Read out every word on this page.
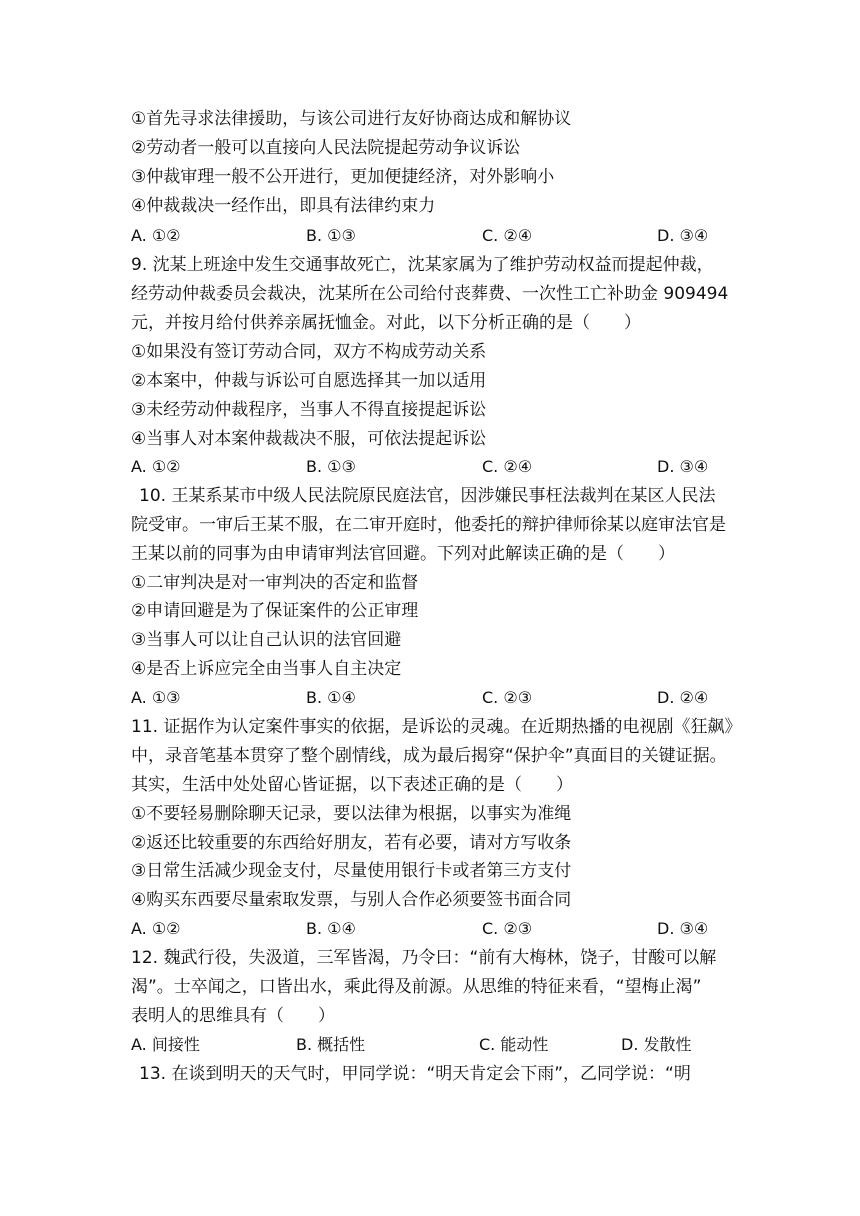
①首先寻求法律援助，与该公司进行友好协商达成和解协议
②劳动者一般可以直接向人民法院提起劳动争议诉讼
③仲裁审理一般不公开进行，更加便捷经济，对外影响小
④仲裁裁决一经作出，即具有法律约束力
A. ①②	B. ①③	C. ②④	D. ③④
9. 沈某上班途中发生交通事故死亡，沈某家属为了维护劳动权益而提起仲裁，
经劳动仲裁委员会裁决，沈某所在公司给付丧葬费、一次性工亡补助金 909494
元，并按月给付供养亲属抚恤金。对此，以下分析正确的是（　　）
①如果没有签订劳动合同，双方不构成劳动关系
②本案中，仲裁与诉讼可自愿选择其一加以适用
③未经劳动仲裁程序，当事人不得直接提起诉讼
④当事人对本案仲裁裁决不服，可依法提起诉讼
A. ①②	B. ①③	C. ②④	D. ③④
10. 王某系某市中级人民法院原民庭法官，因涉嫌民事枉法裁判在某区人民法
院受审。一审后王某不服，在二审开庭时，他委托的辩护律师徐某以庭审法官是
王某以前的同事为由申请审判法官回避。下列对此解读正确的是（　　）
①二审判决是对一审判决的否定和监督
②申请回避是为了保证案件的公正审理
③当事人可以让自己认识的法官回避
④是否上诉应完全由当事人自主决定
A. ①③	B. ①④	C. ②③	D. ②④
11. 证据作为认定案件事实的依据，是诉讼的灵魂。在近期热播的电视剧《狂飙》
中，录音笔基本贯穿了整个剧情线，成为最后揭穿“保护伞”真面目的关键证据。
其实，生活中处处留心皆证据，以下表述正确的是（　　）
①不要轻易删除聊天记录，要以法律为根据，以事实为准绳
②返还比较重要的东西给好朋友，若有必要，请对方写收条
③日常生活减少现金支付，尽量使用银行卡或者第三方支付
④购买东西要尽量索取发票，与别人合作必须要签书面合同
A. ①②	B. ①④	C. ②③	D. ③④
12. 魏武行役，失汲道，三军皆渴，乃令曰：“前有大梅林，饶子，甘酸可以解
渴”。士卒闻之，口皆出水，乘此得及前源。从思维的特征来看，“望梅止渴”
表明人的思维具有（　　）
A. 间接性	B. 概括性	C. 能动性	D. 发散性
13. 在谈到明天的天气时，甲同学说：“明天肯定会下雨”，乙同学说：“明
